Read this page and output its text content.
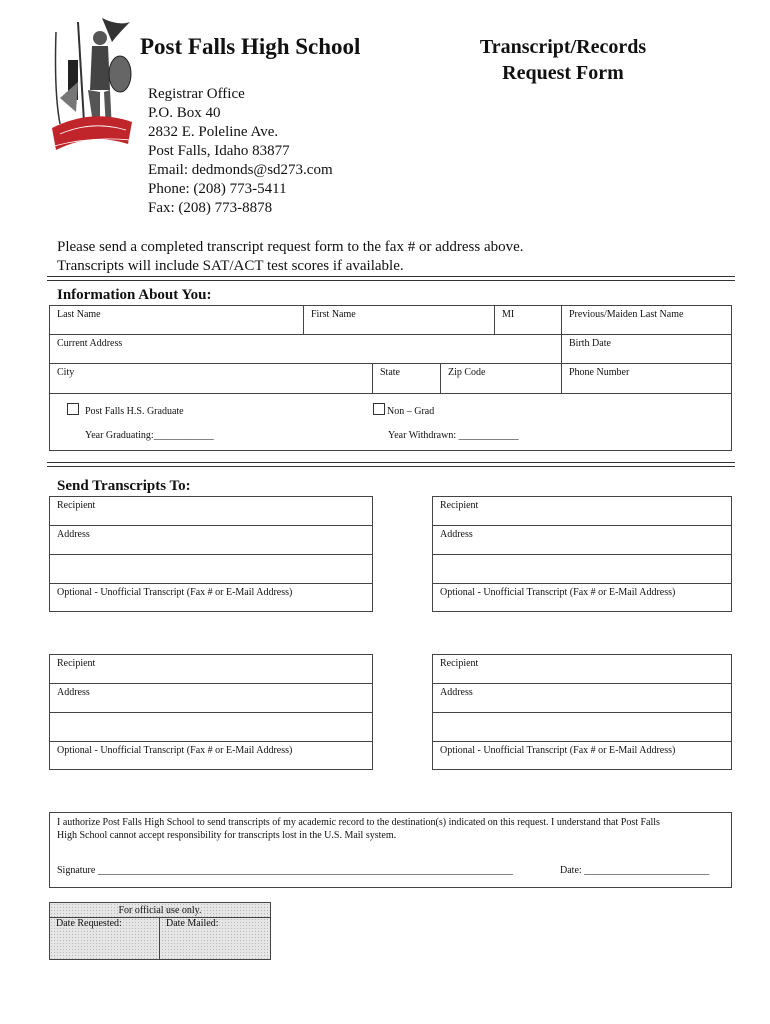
Post Falls High School	Transcript/Records
Request Form
Registrar Office
P.O. Box 40
2832 E. Poleline Ave.
Post Falls, Idaho 83877
Email: dedmonds@sd273.com
Phone: (208) 773-5411
Fax: (208) 773-8878
Please send a completed transcript request form to the fax # or address above.
Transcripts will include SAT/ACT test scores if available.
Information About You:
Last Name	First Name	MI	Previous/Maiden Last Name
Current Address	Birth Date
City	State	Zip Code	Phone Number
Post Falls H.S. Graduate	Non – Grad
Year Graduating:____________	Year Withdrawn: ____________
Send Transcripts To:
Recipient
Address
Optional - Unofficial Transcript (Fax # or E-Mail Address)
Recipient
Address
Optional - Unofficial Transcript (Fax # or E-Mail Address)
Recipient
Address
Optional - Unofficial Transcript (Fax # or E-Mail Address)
Recipient
Address
Optional - Unofficial Transcript (Fax # or E-Mail Address)
I authorize Post Falls High School to send transcripts of my academic record to the destination(s) indicated on this request. I understand that Post Falls
High School cannot accept responsibility for transcripts lost in the U.S. Mail system.
Signature ___________________________________________________________________________________	Date: _________________________
For official use only.
Date Requested:	Date Mailed:
